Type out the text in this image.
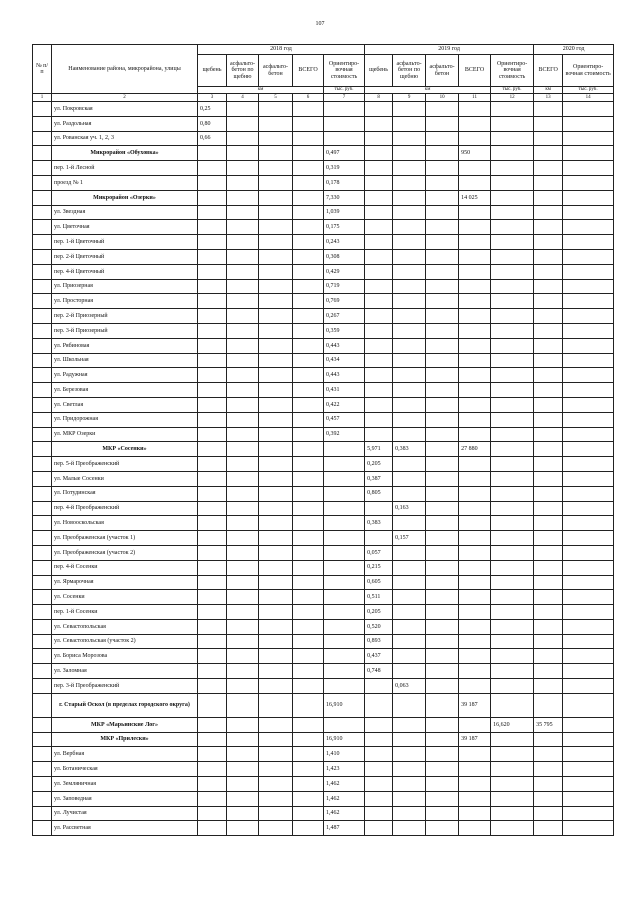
107
№ п/п	Наименование района, микрорайона, улицы	2018 год					2019 год					2020 год	
		щебень	асфальто-бетон по щебню	асфальто-бетон	ВСЕГО	Ориентиро-вочная стоимость	щебень	асфальто-бетон по щебню	асфальто-бетон	ВСЕГО	Ориентиро-вочная стоимость	ВСЕГО	Ориентиро-вочная стоимость
		км				тыс. руб.	км				тыс. руб.	км	тыс. руб.
1	2	3	4	5	6	7	8	9	10	11	12	13	14
	ул. Покровская	0,25											
	ул. Раздольная	0,80											
	ул. Рованская уч. 1, 2, 3	0,66											
	Микрорайон «Обуховка»					0,497				950			
	пер. 1-й Лесной					0,319							
	проезд № 1					0,178							
	Микрорайон «Озерки»					7,330				14 025			
	ул. Звездная					1,039							
	ул. Цветочная					0,175							
	пер. 1-й Цветочный					0,243							
	пер. 2-й Цветочный					0,308							
	пер. 4-й Цветочный					0,429							
	ул. Приозерная					0,719							
	ул. Просторная					0,769							
	пер. 2-й Приозерный					0,267							
	пер. 3-й Приозерный					0,359							
	ул. Рябиновая					0,443							
	ул. Школьная					0,434							
	ул. Радужная					0,443							
	ул. Березовая					0,431							
	ул. Светлая					0,422							
	ул. Придорожная					0,457							
	ул. МКР Озерки					0,392							
	МКР «Сосенки»						5,971	0,383		27 880			
	пер. 5-й Преображенский						0,205						
	ул. Малые Сосенки						0,387						
	ул. Потудинская						0,805						
	пер. 4-й Преображенский							0,163					
	ул. Новооскольская						0,383						
	ул. Преображенская (участок 1)							0,157					
	ул. Преображенская (участок 2)						0,057						
	пер. 4-й Сосенки						0,215						
	ул. Ярмарочная						0,605						
	ул. Сосенки						0,511						
	пер. 1-й Сосенки						0,205						
	ул. Севастопольская						0,520						
	ул. Севастопольская (участок 2)						0,893						
	ул. Бориса Морозова						0,437						
	ул. Заломная						0,748						
	пер. 3-й Преображенский							0,063					
	г. Старый Оскол (в пределах городского округа)					16,910				39 187			
	МКР «Марьинские Лог»										16,620	35 795	
	МКР «Прилески»					16,910				39 187			
	ул. Вербная					1,410							
	ул. Ботаническая					1,423							
	ул. Земляничная					1,462							
	ул. Заповедная					1,462							
	ул. Лучистая					1,462							
	ул. Рассветная					1,487							
